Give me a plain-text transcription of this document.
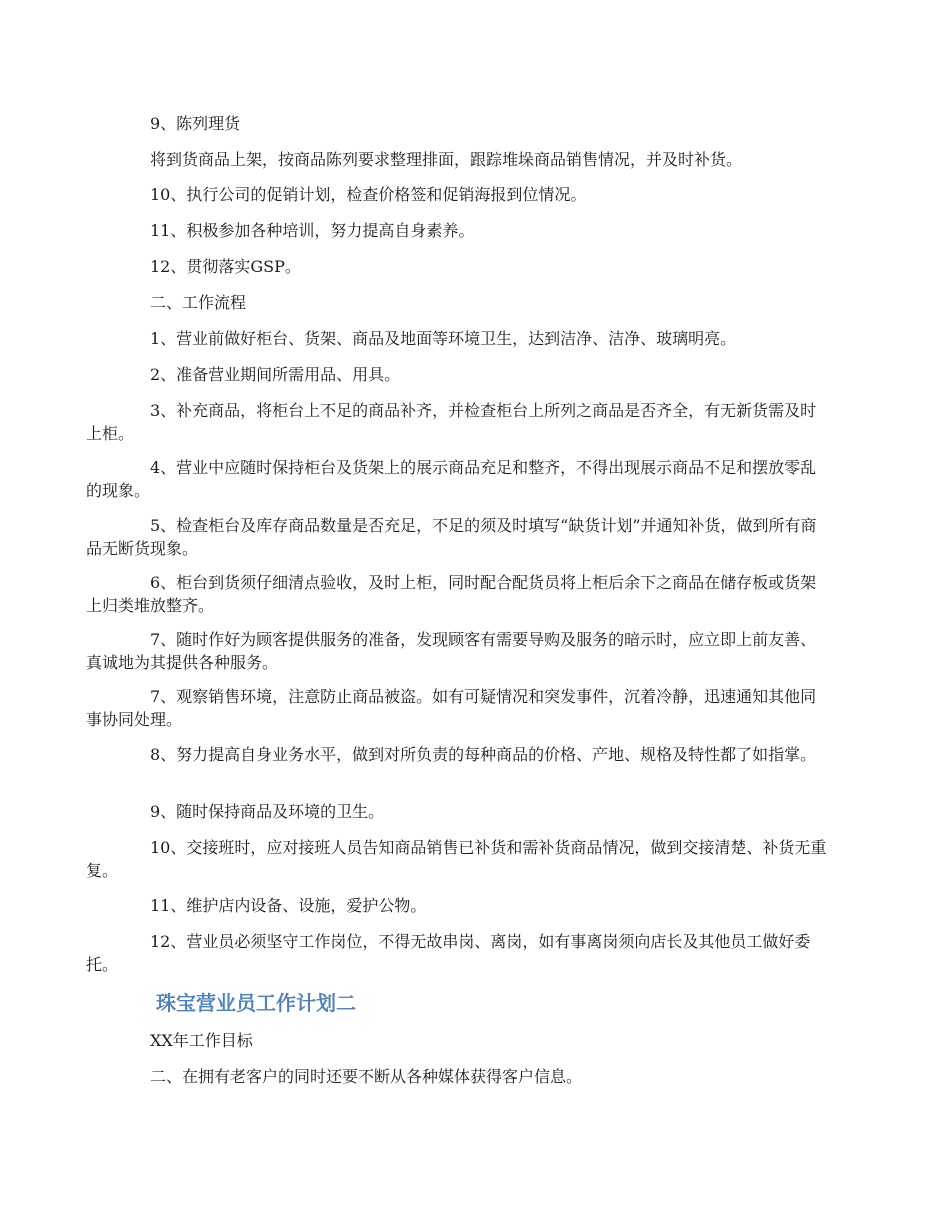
9、陈列理货

将到货商品上架，按商品陈列要求整理排面，跟踪堆垛商品销售情况，并及时补货。

10、执行公司的促销计划，检查价格签和促销海报到位情况。

11、积极参加各种培训，努力提高自身素养。

12、贯彻落实GSP。

二、工作流程

1、营业前做好柜台、货架、商品及地面等环境卫生，达到洁净、洁净、玻璃明亮。

2、准备营业期间所需用品、用具。

3、补充商品，将柜台上不足的商品补齐，并检查柜台上所列之商品是否齐全，有无新货需及时上柜。

4、营业中应随时保持柜台及货架上的展示商品充足和整齐，不得出现展示商品不足和摆放零乱的现象。

5、检查柜台及库存商品数量是否充足，不足的须及时填写“缺货计划”并通知补货，做到所有商品无断货现象。

6、柜台到货须仔细清点验收，及时上柜，同时配合配货员将上柜后余下之商品在储存板或货架上归类堆放整齐。

7、随时作好为顾客提供服务的准备，发现顾客有需要导购及服务的暗示时，应立即上前友善、真诚地为其提供各种服务。

7、观察销售环境，注意防止商品被盗。如有可疑情况和突发事件，沉着冷静，迅速通知其他同事协同处理。

8、努力提高自身业务水平，做到对所负责的每种商品的价格、产地、规格及特性都了如指掌。

9、随时保持商品及环境的卫生。

10、交接班时，应对接班人员告知商品销售已补货和需补货商品情况，做到交接清楚、补货无重复。

11、维护店内设备、设施，爱护公物。

12、营业员必须坚守工作岗位，不得无故串岗、离岗，如有事离岗须向店长及其他员工做好委托。

珠宝营业员工作计划二

XX年工作目标

二、在拥有老客户的同时还要不断从各种媒体获得客户信息。
